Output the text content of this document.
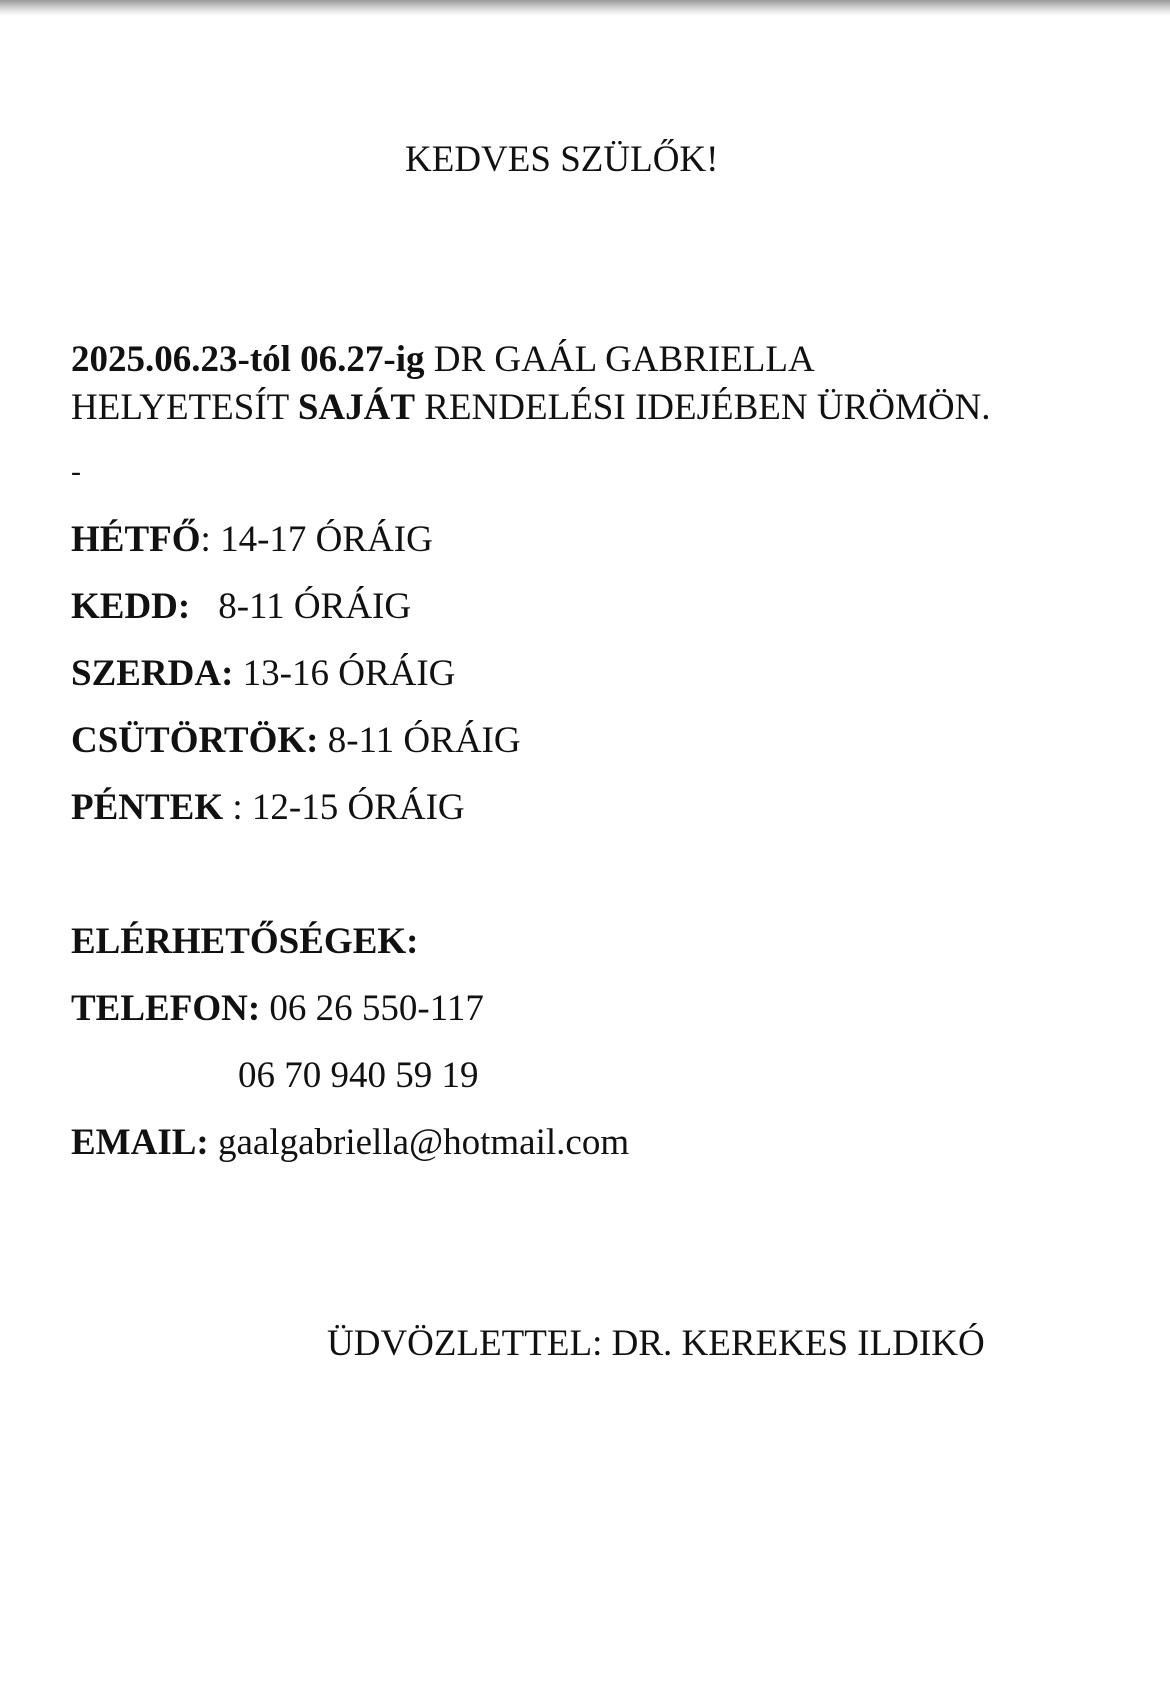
KEDVES SZÜLŐK!
2025.06.23-tól 06.27-ig DR GAÁL GABRIELLA
HELYETESÍT SAJÁT RENDELÉSI IDEJÉBEN ÜRÖMÖN.
-
HÉTFŐ: 14-17 ÓRÁIG
KEDD: 8-11 ÓRÁIG
SZERDA: 13-16 ÓRÁIG
CSÜTÖRTÖK: 8-11 ÓRÁIG
PÉNTEK : 12-15 ÓRÁIG
ELÉRHETŐSÉGEK:
TELEFON: 06 26 550-117
06 70 940 59 19
EMAIL: gaalgabriella@hotmail.com
ÜDVÖZLETTEL: DR. KEREKES ILDIKÓ
